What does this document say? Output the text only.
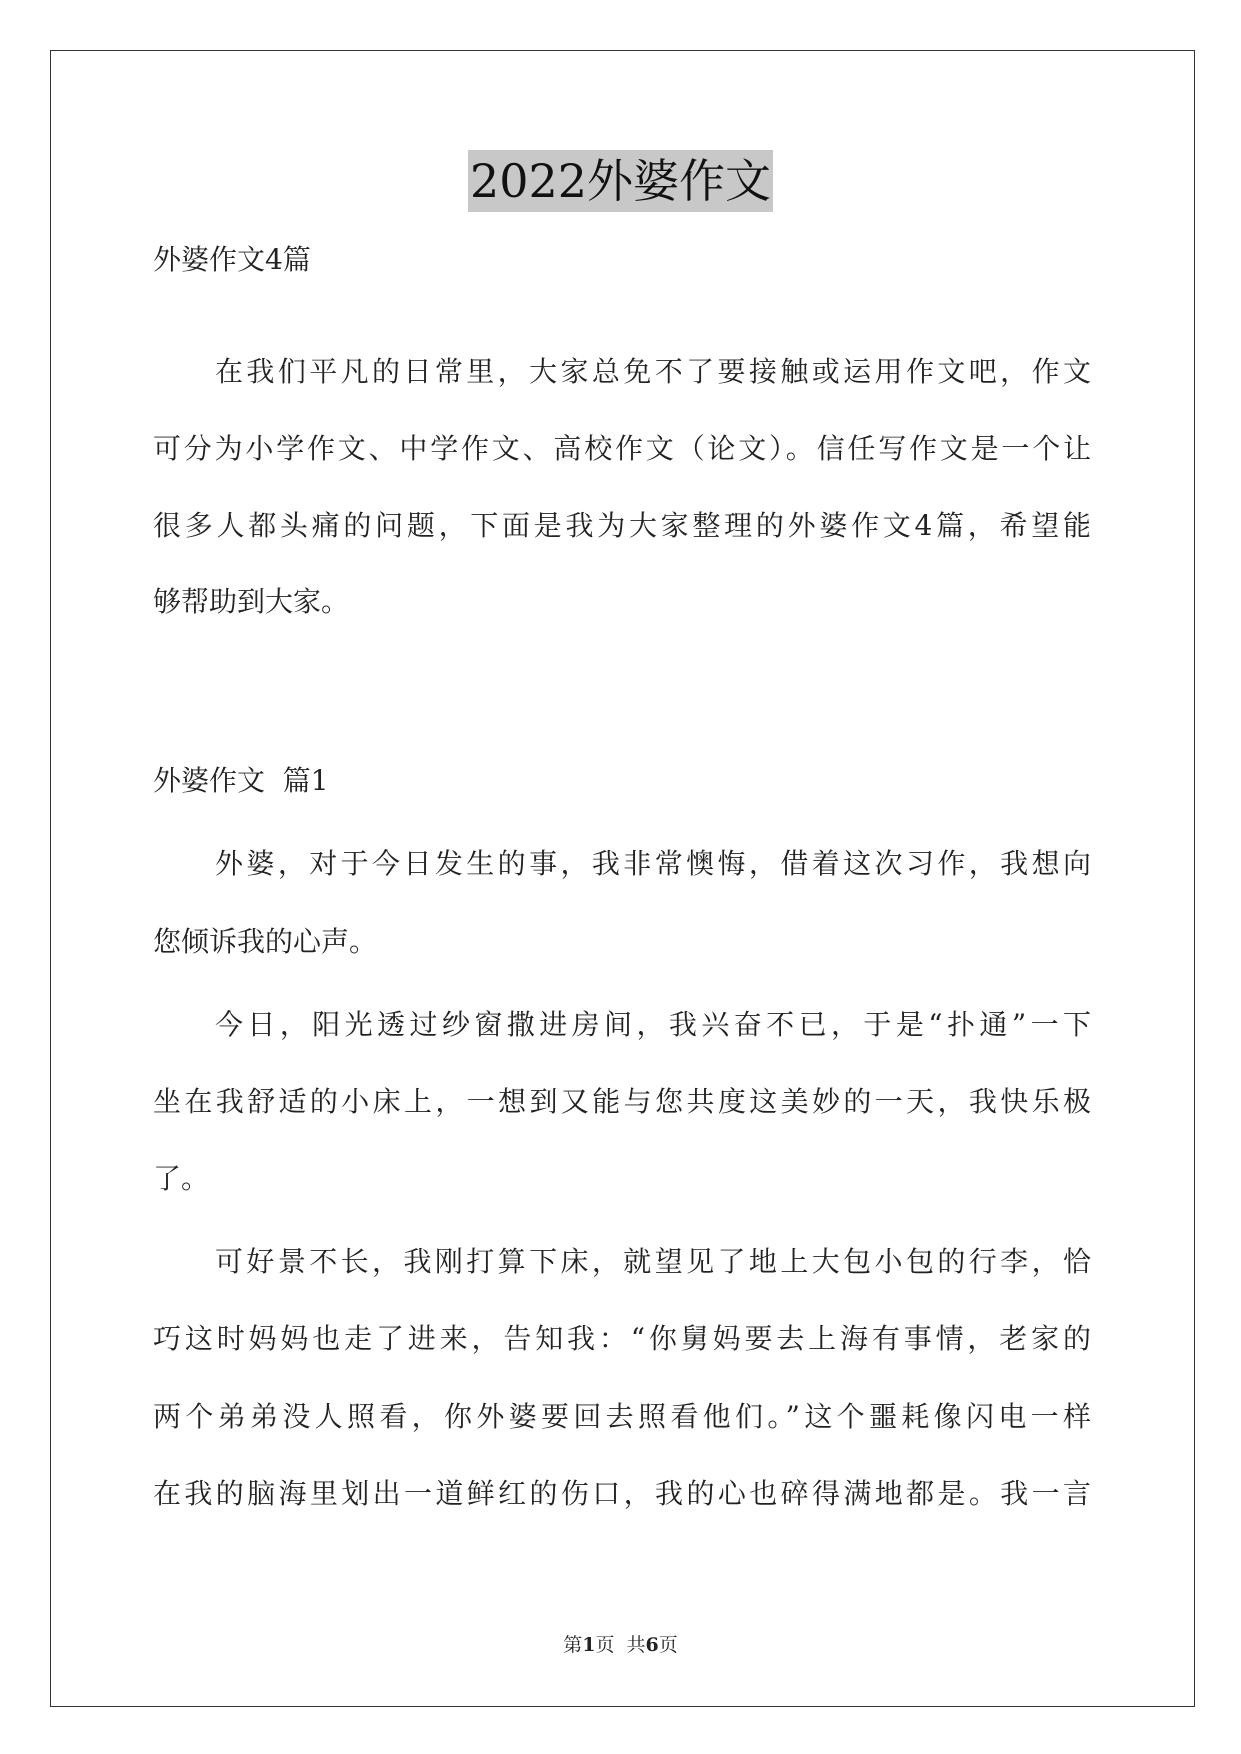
2022外婆作文
外婆作文4篇
在我们平凡的日常里，大家总免不了要接触或运用作文吧，作文
可分为小学作文、中学作文、高校作文（论文）。信任写作文是一个让
很多人都头痛的问题，下面是我为大家整理的外婆作文4篇，希望能
够帮助到大家。
外婆作文  篇1
外婆，对于今日发生的事，我非常懊悔，借着这次习作，我想向
您倾诉我的心声。
今日，阳光透过纱窗撒进房间，我兴奋不已，于是“扑通”一下
坐在我舒适的小床上，一想到又能与您共度这美妙的一天，我快乐极
了。
可好景不长，我刚打算下床，就望见了地上大包小包的行李，恰
巧这时妈妈也走了进来，告知我：“你舅妈要去上海有事情，老家的
两个弟弟没人照看，你外婆要回去照看他们。”这个噩耗像闪电一样
在我的脑海里划出一道鲜红的伤口，我的心也碎得满地都是。我一言
第1页  共6页
